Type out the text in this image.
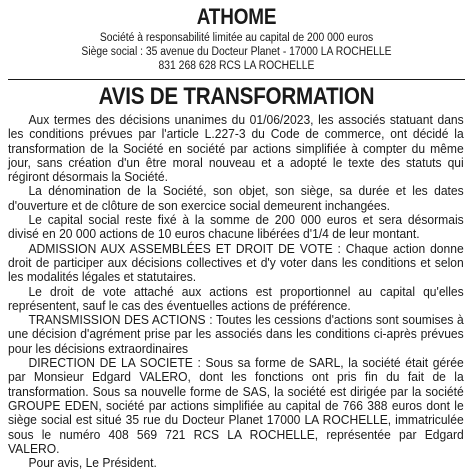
ATHOME
Société à responsabilité limitée au capital de 200 000 euros
Siège social : 35 avenue du Docteur Planet - 17000 LA ROCHELLE
831 268 628 RCS LA ROCHELLE
AVIS DE TRANSFORMATION

Aux termes des décisions unanimes du 01/06/2023, les associés statuant dans les conditions prévues par l'article L.227-3 du Code de commerce, ont décidé la transformation de la Société en société par actions simplifiée à compter du même jour, sans création d'un être moral nouveau et a adopté le texte des statuts qui régiront désormais la Société.

La dénomination de la Société, son objet, son siège, sa durée et les dates d'ouverture et de clôture de son exercice social demeurent inchangées.

Le capital social reste fixé à la somme de 200 000 euros et sera désormais divisé en 20 000 actions de 10 euros chacune libérées d'1/4 de leur montant.

ADMISSION AUX ASSEMBLÉES ET DROIT DE VOTE : Chaque action donne droit de participer aux décisions collectives et d'y voter dans les conditions et selon les modalités légales et statutaires.

Le droit de vote attaché aux actions est proportionnel au capital qu'elles représentent, sauf le cas des éventuelles actions de préférence.

TRANSMISSION DES ACTIONS : Toutes les cessions d'actions sont soumises à une décision d'agrément prise par les associés dans les conditions ci-après prévues pour les décisions extraordinaires

DIRECTION DE LA SOCIETE : Sous sa forme de SARL, la société était gérée par Monsieur Edgard VALERO, dont les fonctions ont pris fin du fait de la transformation. Sous sa nouvelle forme de SAS, la société est dirigée par la société GROUPE EDEN, société par actions simplifiée au capital de 766 388 euros dont le siège social est situé 35 rue du Docteur Planet 17000 LA ROCHELLE, immatriculée sous le numéro 408 569 721 RCS LA ROCHELLE, représentée par Edgard VALERO.

Pour avis, Le Président.
